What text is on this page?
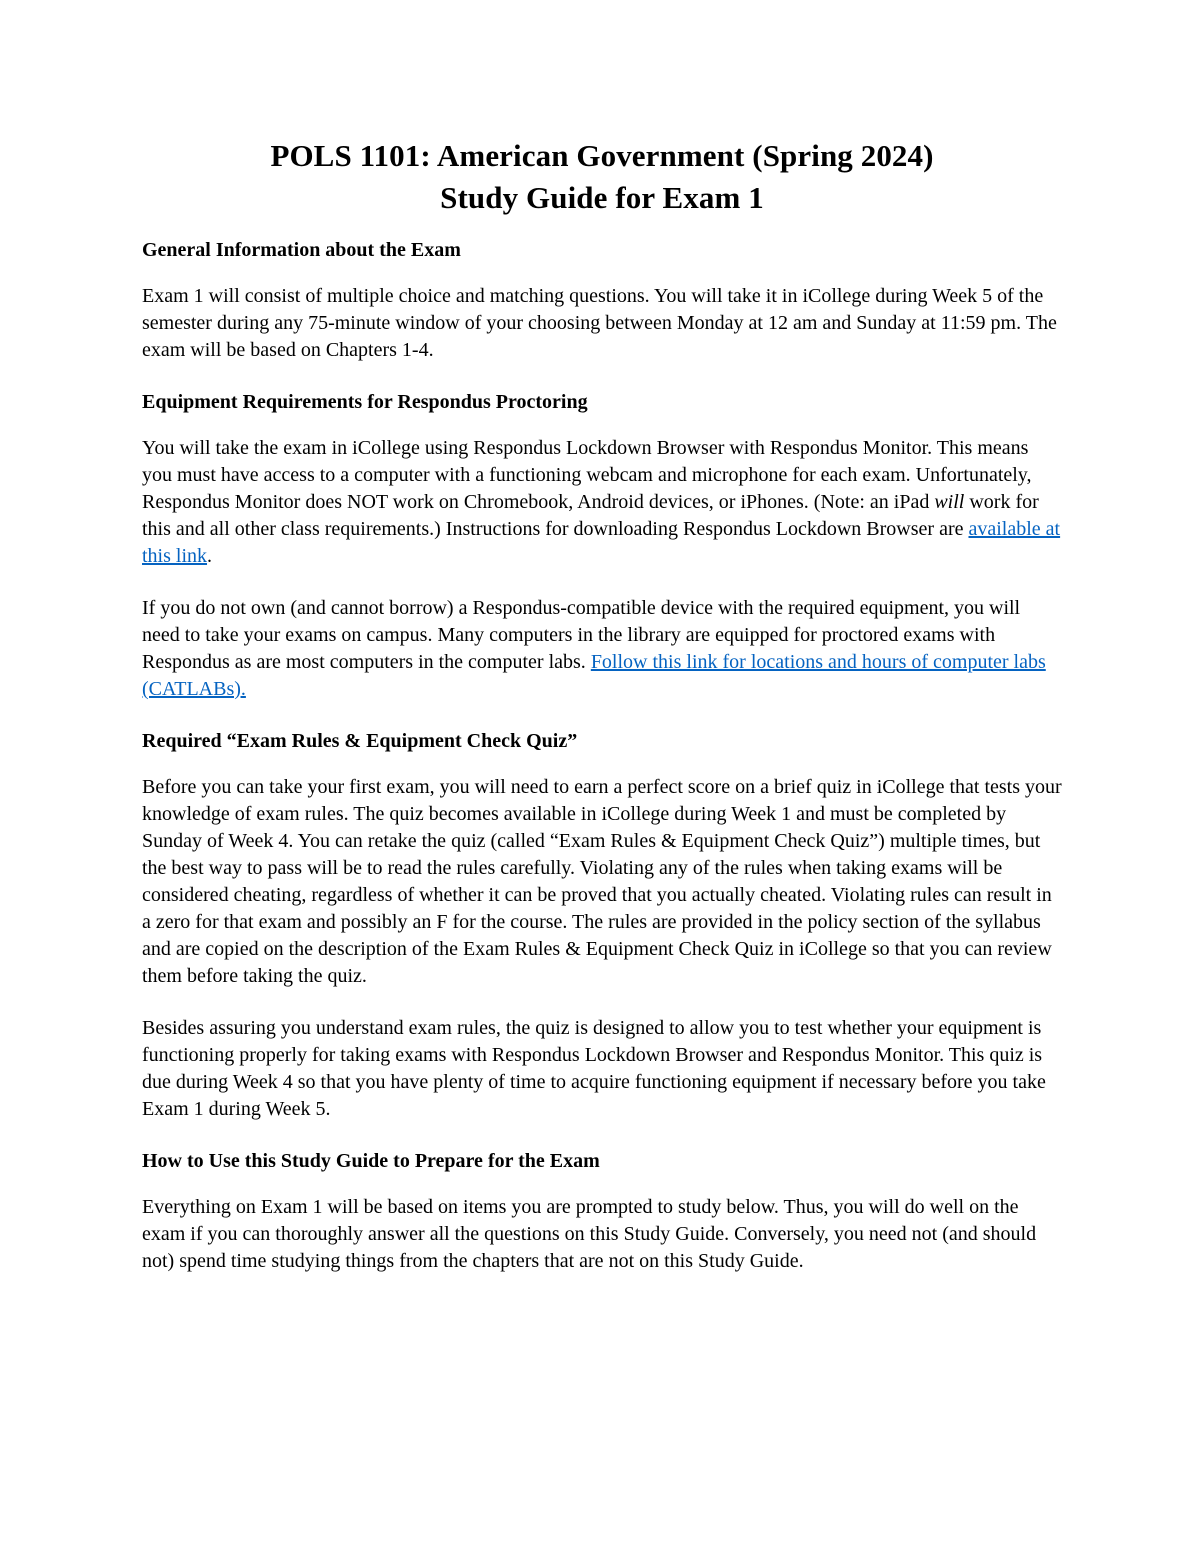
POLS 1101: American Government (Spring 2024)
Study Guide for Exam 1
General Information about the Exam

Exam 1 will consist of multiple choice and matching questions. You will take it in iCollege during Week 5 of the semester during any 75-minute window of your choosing between Monday at 12 am and Sunday at 11:59 pm. The exam will be based on Chapters 1-4.

Equipment Requirements for Respondus Proctoring

You will take the exam in iCollege using Respondus Lockdown Browser with Respondus Monitor. This means you must have access to a computer with a functioning webcam and microphone for each exam. Unfortunately, Respondus Monitor does NOT work on Chromebook, Android devices, or iPhones. (Note: an iPad will work for this and all other class requirements.) Instructions for downloading Respondus Lockdown Browser are available at this link.

If you do not own (and cannot borrow) a Respondus-compatible device with the required equipment, you will need to take your exams on campus. Many computers in the library are equipped for proctored exams with Respondus as are most computers in the computer labs. Follow this link for locations and hours of computer labs (CATLABs).

Required “Exam Rules & Equipment Check Quiz”

Before you can take your first exam, you will need to earn a perfect score on a brief quiz in iCollege that tests your knowledge of exam rules. The quiz becomes available in iCollege during Week 1 and must be completed by Sunday of Week 4. You can retake the quiz (called “Exam Rules & Equipment Check Quiz”) multiple times, but the best way to pass will be to read the rules carefully. Violating any of the rules when taking exams will be considered cheating, regardless of whether it can be proved that you actually cheated. Violating rules can result in a zero for that exam and possibly an F for the course. The rules are provided in the policy section of the syllabus and are copied on the description of the Exam Rules & Equipment Check Quiz in iCollege so that you can review them before taking the quiz.

Besides assuring you understand exam rules, the quiz is designed to allow you to test whether your equipment is functioning properly for taking exams with Respondus Lockdown Browser and Respondus Monitor. This quiz is due during Week 4 so that you have plenty of time to acquire functioning equipment if necessary before you take Exam 1 during Week 5.

How to Use this Study Guide to Prepare for the Exam

Everything on Exam 1 will be based on items you are prompted to study below. Thus, you will do well on the exam if you can thoroughly answer all the questions on this Study Guide. Conversely, you need not (and should not) spend time studying things from the chapters that are not on this Study Guide.
